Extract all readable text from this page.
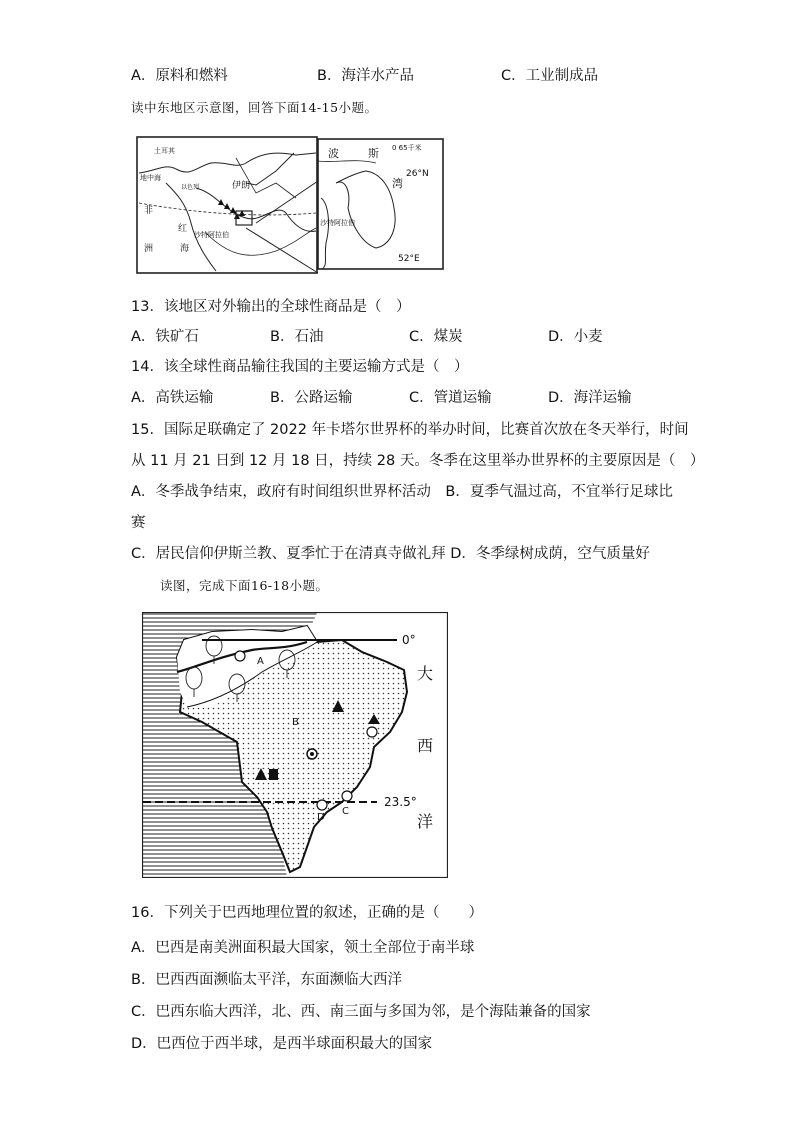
A．原料和燃料	B．海洋水产品	C．工业制成品
读中东地区示意图，回答下面14-15小题。
土耳其
地中海
以色列	伊朗
非
洲
红
海
沙特阿拉伯
波	斯
湾
0 65千米
26°N
52°E
沙特阿拉伯
13．该地区对外输出的全球性商品是（　）
A．铁矿石	B．石油	C．煤炭	D．小麦
14．该全球性商品输往我国的主要运输方式是（　）
A．高铁运输	B．公路运输	C．管道运输	D．海洋运输
15．国际足联确定了 2022 年卡塔尔世界杯的举办时间，比赛首次放在冬天举行，时间
从 11 月 21 日到 12 月 18 日，持续 28 天。冬季在这里举办世界杯的主要原因是（　）
A．冬季战争结束，政府有时间组织世界杯活动　B．夏季气温过高，不宜举行足球比
赛
C．居民信仰伊斯兰教、夏季忙于在清真寺做礼拜 D．冬季绿树成荫，空气质量好
读图，完成下面16-18小题。
0°
23.5°
大
西
洋
A
B
C
D
16．下列关于巴西地理位置的叙述，正确的是（　　）
A．巴西是南美洲面积最大国家，领土全部位于南半球
B．巴西西面濒临太平洋，东面濒临大西洋
C．巴西东临大西洋，北、西、南三面与多国为邻，是个海陆兼备的国家
D．巴西位于西半球，是西半球面积最大的国家
